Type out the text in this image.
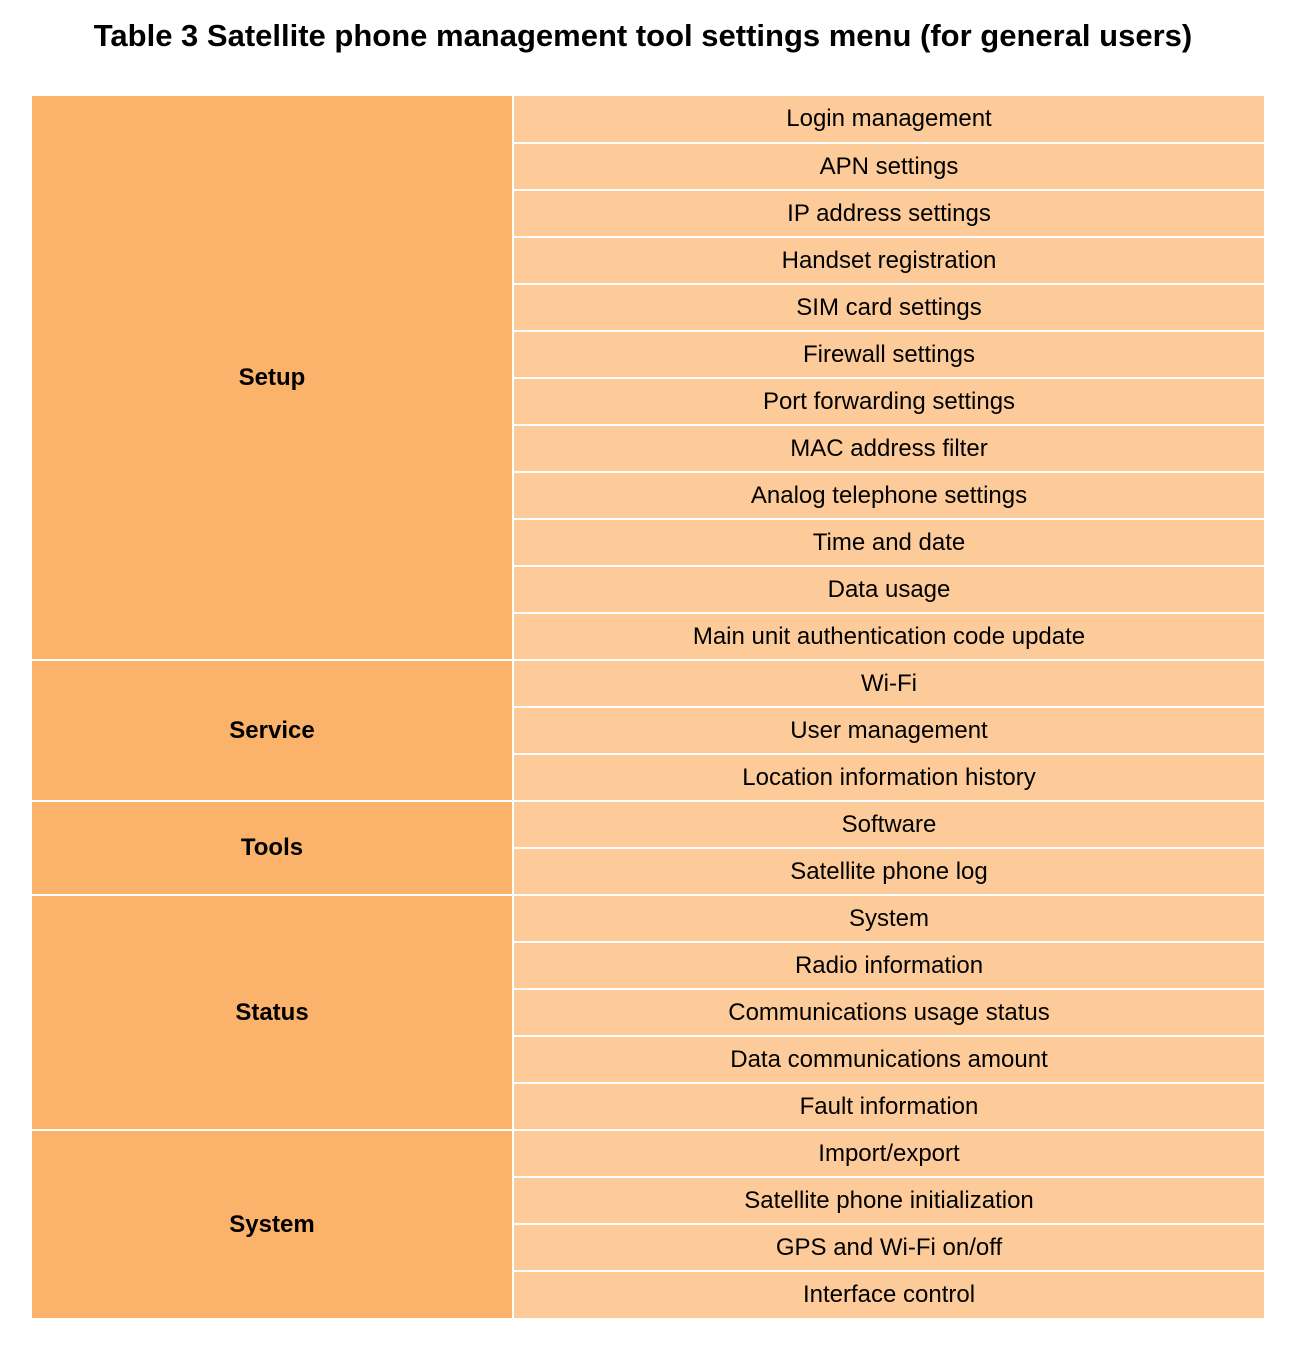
Table 3 Satellite phone management tool settings menu (for general users)
Setup	Login management
	APN settings
	IP address settings
	Handset registration
	SIM card settings
	Firewall settings
	Port forwarding settings
	MAC address filter
	Analog telephone settings
	Time and date
	Data usage
	Main unit authentication code update
Service	Wi-Fi
	User management
	Location information history
Tools	Software
	Satellite phone log
Status	System
	Radio information
	Communications usage status
	Data communications amount
	Fault information
System	Import/export
	Satellite phone initialization
	GPS and Wi-Fi on/off
	Interface control
